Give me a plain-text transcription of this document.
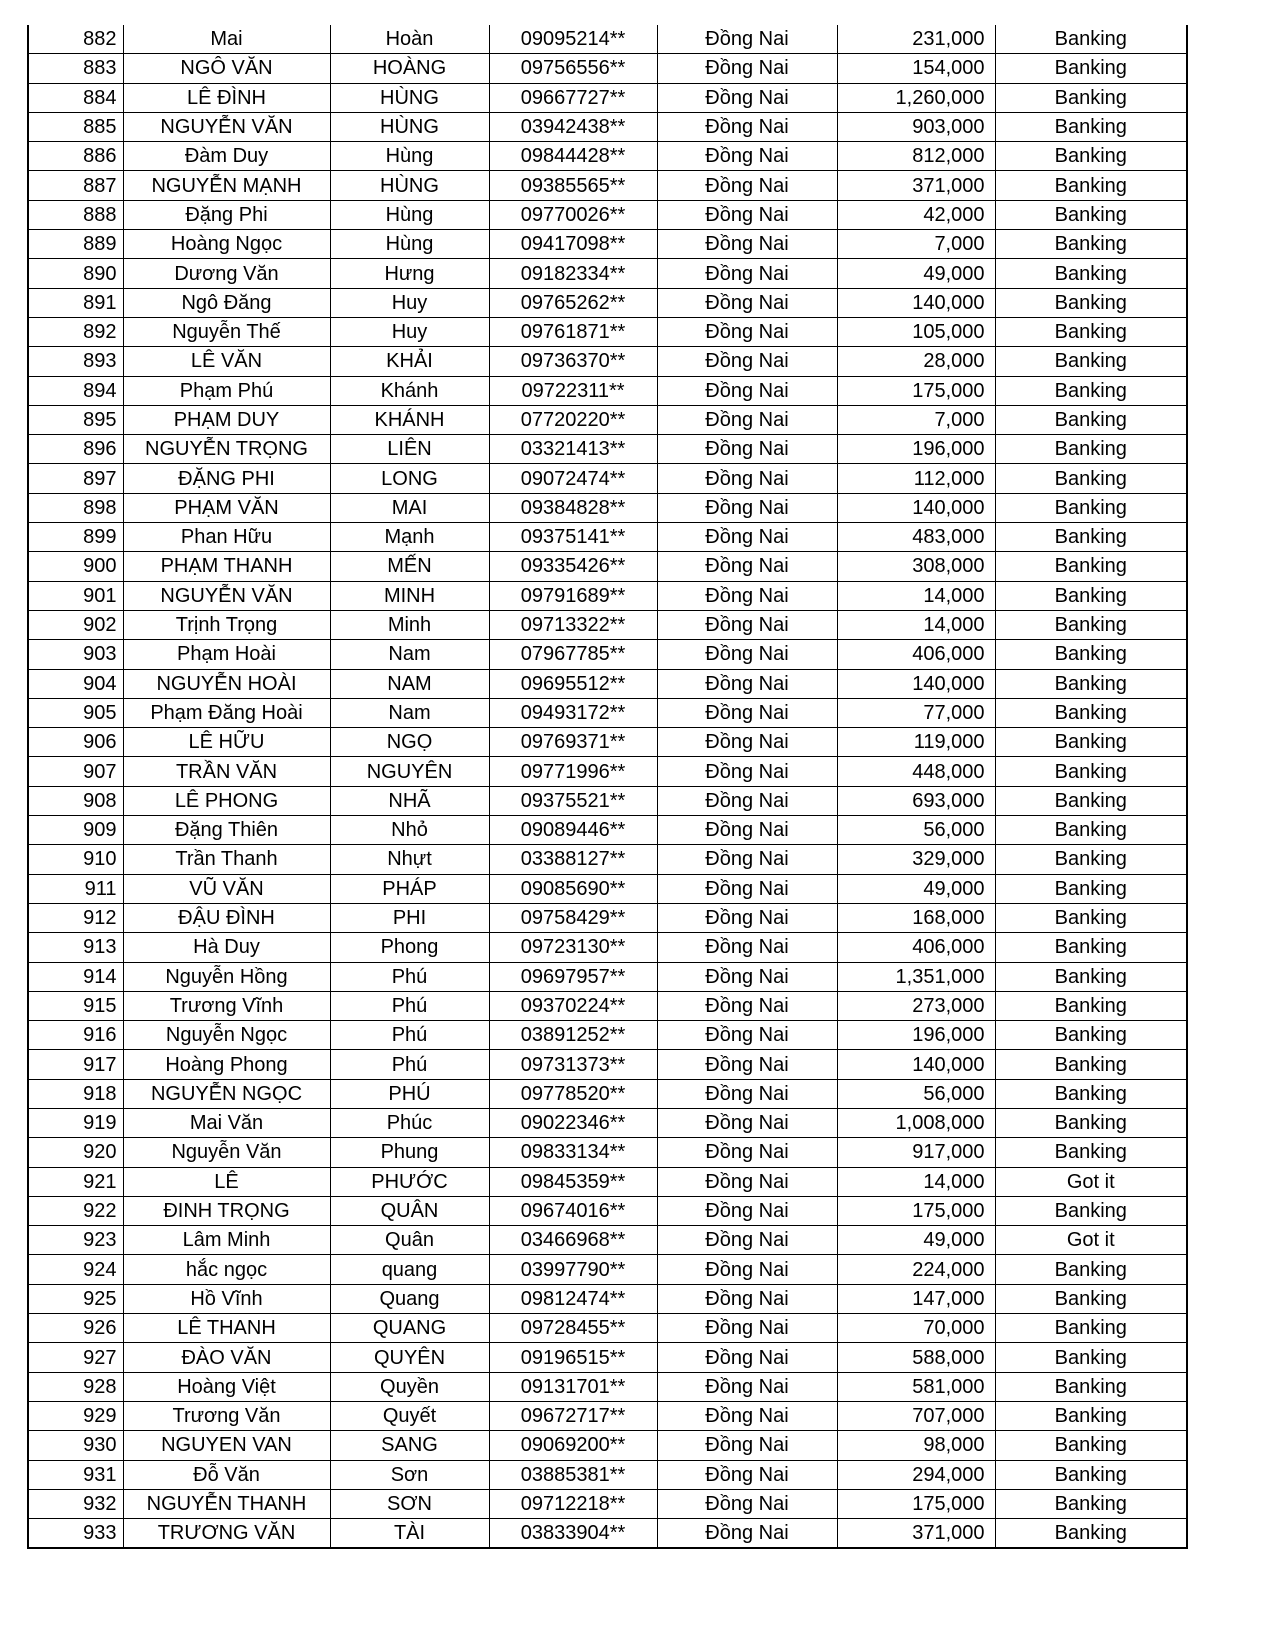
882	Mai	Hoàn	09095214**	Đồng Nai	231,000	Banking
883	NGÔ VĂN	HOÀNG	09756556**	Đồng Nai	154,000	Banking
884	LÊ ĐÌNH	HÙNG	09667727**	Đồng Nai	1,260,000	Banking
885	NGUYỄN VĂN	HÙNG	03942438**	Đồng Nai	903,000	Banking
886	Đàm Duy	Hùng	09844428**	Đồng Nai	812,000	Banking
887	NGUYỄN MẠNH	HÙNG	09385565**	Đồng Nai	371,000	Banking
888	Đặng Phi	Hùng	09770026**	Đồng Nai	42,000	Banking
889	Hoàng Ngọc	Hùng	09417098**	Đồng Nai	7,000	Banking
890	Dương Văn	Hưng	09182334**	Đồng Nai	49,000	Banking
891	Ngô Đăng	Huy	09765262**	Đồng Nai	140,000	Banking
892	Nguyễn Thế	Huy	09761871**	Đồng Nai	105,000	Banking
893	LÊ VĂN	KHẢI	09736370**	Đồng Nai	28,000	Banking
894	Phạm Phú	Khánh	09722311**	Đồng Nai	175,000	Banking
895	PHẠM DUY	KHÁNH	07720220**	Đồng Nai	7,000	Banking
896	NGUYỄN TRỌNG	LIÊN	03321413**	Đồng Nai	196,000	Banking
897	ĐẶNG PHI	LONG	09072474**	Đồng Nai	112,000	Banking
898	PHẠM VĂN	MAI	09384828**	Đồng Nai	140,000	Banking
899	Phan Hữu	Mạnh	09375141**	Đồng Nai	483,000	Banking
900	PHẠM THANH	MẾN	09335426**	Đồng Nai	308,000	Banking
901	NGUYỄN VĂN	MINH	09791689**	Đồng Nai	14,000	Banking
902	Trịnh Trọng	Minh	09713322**	Đồng Nai	14,000	Banking
903	Phạm Hoài	Nam	07967785**	Đồng Nai	406,000	Banking
904	NGUYỄN HOÀI	NAM	09695512**	Đồng Nai	140,000	Banking
905	Phạm Đăng Hoài	Nam	09493172**	Đồng Nai	77,000	Banking
906	LÊ HỮU	NGỌ	09769371**	Đồng Nai	119,000	Banking
907	TRẦN VĂN	NGUYÊN	09771996**	Đồng Nai	448,000	Banking
908	LÊ PHONG	NHÃ	09375521**	Đồng Nai	693,000	Banking
909	Đặng Thiên	Nhỏ	09089446**	Đồng Nai	56,000	Banking
910	Trần Thanh	Nhựt	03388127**	Đồng Nai	329,000	Banking
911	VŨ VĂN	PHÁP	09085690**	Đồng Nai	49,000	Banking
912	ĐẬU ĐÌNH	PHI	09758429**	Đồng Nai	168,000	Banking
913	Hà Duy	Phong	09723130**	Đồng Nai	406,000	Banking
914	Nguyễn Hồng	Phú	09697957**	Đồng Nai	1,351,000	Banking
915	Trương Vĩnh	Phú	09370224**	Đồng Nai	273,000	Banking
916	Nguyễn Ngọc	Phú	03891252**	Đồng Nai	196,000	Banking
917	Hoàng Phong	Phú	09731373**	Đồng Nai	140,000	Banking
918	NGUYỄN NGỌC	PHÚ	09778520**	Đồng Nai	56,000	Banking
919	Mai Văn	Phúc	09022346**	Đồng Nai	1,008,000	Banking
920	Nguyễn Văn	Phung	09833134**	Đồng Nai	917,000	Banking
921	LÊ	PHƯỚC	09845359**	Đồng Nai	14,000	Got it
922	ĐINH TRỌNG	QUÂN	09674016**	Đồng Nai	175,000	Banking
923	Lâm Minh	Quân	03466968**	Đồng Nai	49,000	Got it
924	hắc ngọc	quang	03997790**	Đồng Nai	224,000	Banking
925	Hồ Vĩnh	Quang	09812474**	Đồng Nai	147,000	Banking
926	LÊ THANH	QUANG	09728455**	Đồng Nai	70,000	Banking
927	ĐÀO VĂN	QUYÊN	09196515**	Đồng Nai	588,000	Banking
928	Hoàng Việt	Quyền	09131701**	Đồng Nai	581,000	Banking
929	Trương Văn	Quyết	09672717**	Đồng Nai	707,000	Banking
930	NGUYEN VAN	SANG	09069200**	Đồng Nai	98,000	Banking
931	Đỗ Văn	Sơn	03885381**	Đồng Nai	294,000	Banking
932	NGUYỄN THANH	SƠN	09712218**	Đồng Nai	175,000	Banking
933	TRƯƠNG VĂN	TÀI	03833904**	Đồng Nai	371,000	Banking
